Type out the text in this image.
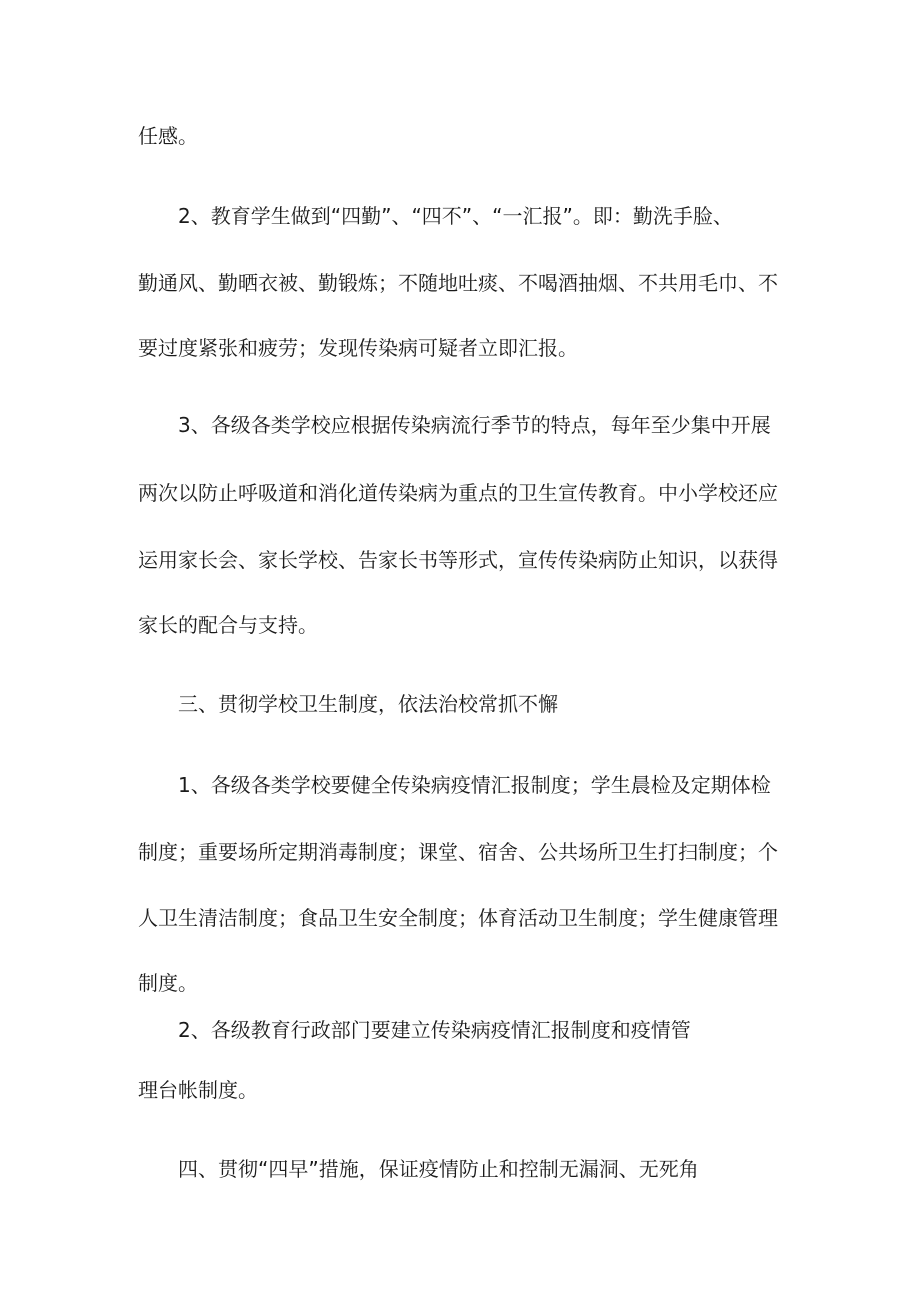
任感。
2、教育学生做到“四勤”、“四不”、“一汇报”。即：勤洗手脸、
勤通风、勤晒衣被、勤锻炼；不随地吐痰、不喝酒抽烟、不共用毛巾、不
要过度紧张和疲劳；发现传染病可疑者立即汇报。
3、各级各类学校应根据传染病流行季节的特点，每年至少集中开展
两次以防止呼吸道和消化道传染病为重点的卫生宣传教育。中小学校还应
运用家长会、家长学校、告家长书等形式，宣传传染病防止知识，以获得
家长的配合与支持。
三、贯彻学校卫生制度，依法治校常抓不懈
1、各级各类学校要健全传染病疫情汇报制度；学生晨检及定期体检
制度；重要场所定期消毒制度；课堂、宿舍、公共场所卫生打扫制度；个
人卫生清洁制度；食品卫生安全制度；体育活动卫生制度；学生健康管理
制度。
2、各级教育行政部门要建立传染病疫情汇报制度和疫情管
理台帐制度。
四、贯彻“四早”措施，保证疫情防止和控制无漏洞、无死角
